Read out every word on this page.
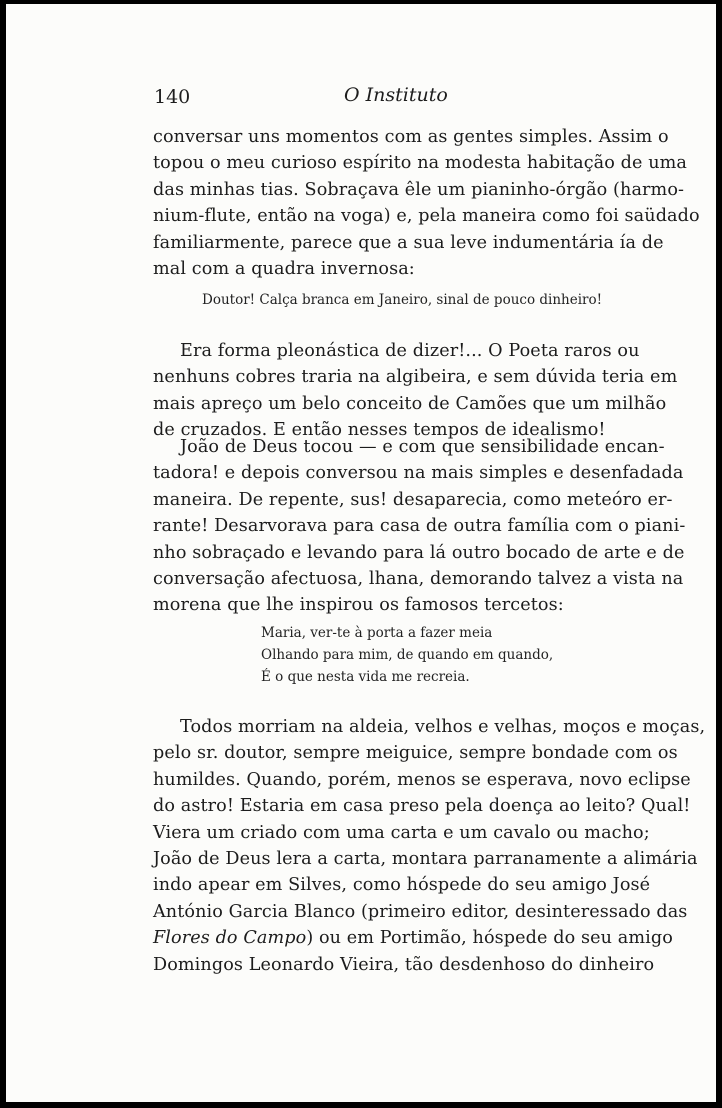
140	O Instituto
conversar uns momentos com as gentes simples. Assim o
topou o meu curioso espírito na modesta habitação de uma
das minhas tias. Sobraçava êle um pianinho-órgão (harmo-
nium-flute, então na voga) e, pela maneira como foi saüdado
familiarmente, parece que a sua leve indumentária ía de
mal com a quadra invernosa:
Doutor! Calça branca em Janeiro, sinal de pouco dinheiro!
Era forma pleonástica de dizer!... O Poeta raros ou
nenhuns cobres traria na algibeira, e sem dúvida teria em
mais apreço um belo conceito de Camões que um milhão
de cruzados. E então nesses tempos de idealismo!
João de Deus tocou — e com que sensibilidade encan-
tadora! e depois conversou na mais simples e desenfadada
maneira. De repente, sus! desaparecia, como meteóro er-
rante! Desarvorava para casa de outra família com o piani-
nho sobraçado e levando para lá outro bocado de arte e de
conversação afectuosa, lhana, demorando talvez a vista na
morena que lhe inspirou os famosos tercetos:
Maria, ver-te à porta a fazer meia
Olhando para mim, de quando em quando,
É o que nesta vida me recreia.
Todos morriam na aldeia, velhos e velhas, moços e moças,
pelo sr. doutor, sempre meiguice, sempre bondade com os
humildes. Quando, porém, menos se esperava, novo eclipse
do astro! Estaria em casa preso pela doença ao leito? Qual!
Viera um criado com uma carta e um cavalo ou macho;
João de Deus lera a carta, montara parranamente a alimária
indo apear em Silves, como hóspede do seu amigo José
António Garcia Blanco (primeiro editor, desinteressado das
Flores do Campo) ou em Portimão, hóspede do seu amigo
Domingos Leonardo Vieira, tão desdenhoso do dinheiro
